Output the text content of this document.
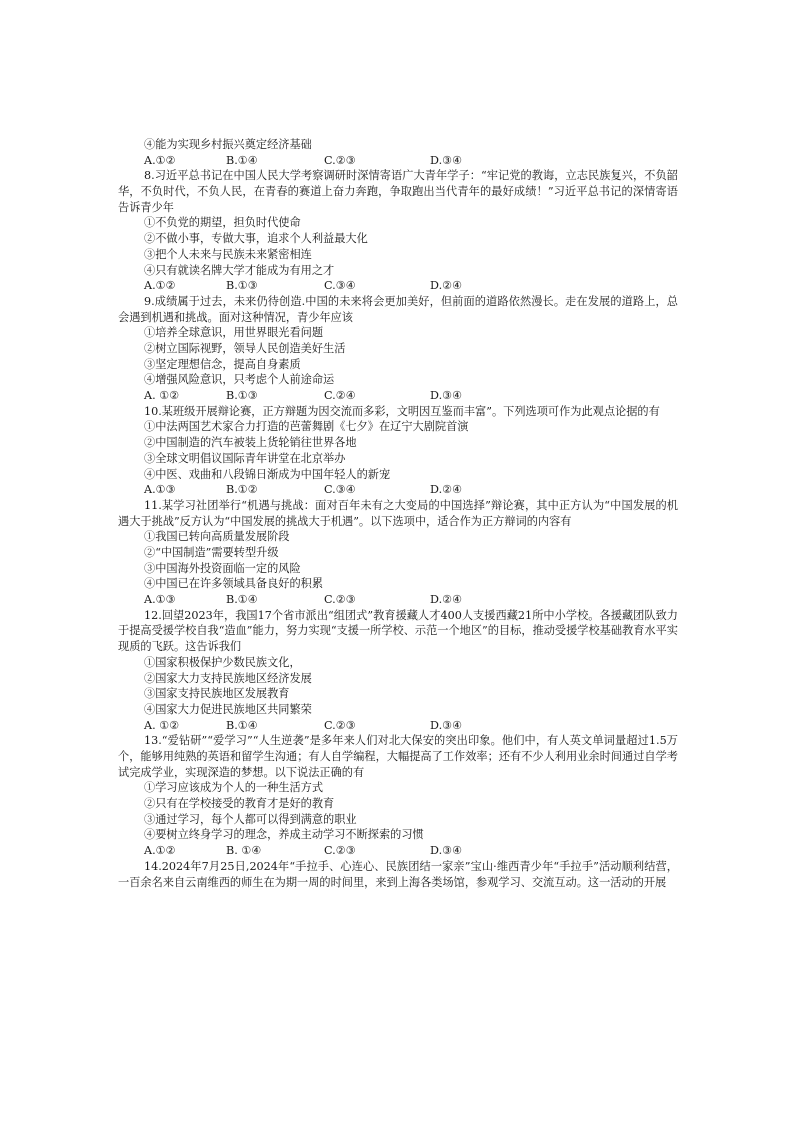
④能为实现乡村振兴奠定经济基础
A.①②	B.①④	C.②③	D.③④
8.习近平总书记在中国人民大学考察调研时深情寄语广大青年学子：“牢记党的教诲，立志民族复兴，不负韶华，不负时代，不负人民，在青春的赛道上奋力奔跑，争取跑出当代青年的最好成绩！”习近平总书记的深情寄语告诉青少年
①不负党的期望，担负时代使命
②不做小事，专做大事，追求个人利益最大化
③把个人未来与民族未来紧密相连
④只有就读名牌大学才能成为有用之才
A.①②	B.①③	C.③④	D.②④
9.成绩属于过去，未来仍待创造.中国的未来将会更加美好，但前面的道路依然漫长。走在发展的道路上，总会遇到机遇和挑战。面对这种情况，青少年应该
①培养全球意识，用世界眼光看问题
②树立国际视野，领导人民创造美好生活
③坚定理想信念，提高自身素质
④增强风险意识，只考虑个人前途命运
A. ①②	B.①③	C.②④	D.③④
10.某班级开展辩论赛，正方辩题为因交流而多彩，文明因互鉴而丰富”。下列选项可作为此观点论据的有
①中法两国艺术家合力打造的芭蕾舞剧《七夕》在辽宁大剧院首演
②中国制造的汽车被装上货轮销往世界各地
③全球文明倡议国际青年讲堂在北京举办
④中医、戏曲和八段锦日渐成为中国年轻人的新宠
A.①③	B.①②	C.③④	D.②④
11.某学习社团举行“机遇与挑战：面对百年未有之大变局的中国选择”辩论赛，其中正方认为“中国发展的机遇大于挑战”反方认为“中国发展的挑战大于机遇”。以下选项中，适合作为正方辩词的内容有
①我国已转向高质量发展阶段
②“中国制造”需要转型升级
③中国海外投资面临一定的风险
④中国已在许多领域具备良好的积累
A.①③	B.①④	C.②③	D.②④
12.回望2023年，我国17个省市派出“组团式”教育援藏人才400人支援西藏21所中小学校。各援藏团队致力于提高受援学校自我“造血”能力，努力实现“支援一所学校、示范一个地区”的目标，推动受援学校基础教育水平实现质的飞跃。这告诉我们
①国家积极保护少数民族文化，
②国家大力支持民族地区经济发展
③国家支持民族地区发展教育
④国家大力促进民族地区共同繁荣
A. ①②	B.①④	C.②③	D.③④
13.“爱钻研”“爱学习”“人生逆袭”是多年来人们对北大保安的突出印象。他们中，有人英文单词量超过1.5万个，能够用纯熟的英语和留学生沟通；有人自学编程，大幅提高了工作效率；还有不少人利用业余时间通过自学考试完成学业，实现深造的梦想。以下说法正确的有
①学习应该成为个人的一种生活方式
②只有在学校接受的教育才是好的教育
③通过学习，每个人都可以得到满意的职业
④要树立终身学习的理念，养成主动学习不断探索的习惯
A.①②	B. ①④	C.②③	D.③④
14.2024年7月25日,2024年“手拉手、心连心、民族团结一家亲”宝山·维西青少年“手拉手”活动顺利结营，一百余名来自云南维西的师生在为期一周的时间里，来到上海各类场馆，参观学习、交流互动。这一活动的开展
